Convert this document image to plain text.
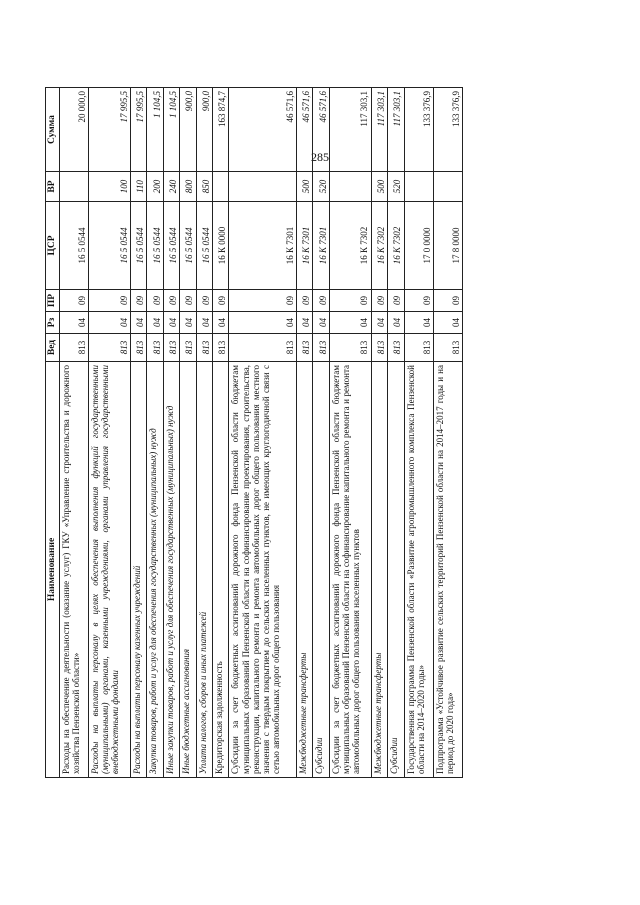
285
Наименование	Вед	Рз	ПР	ЦСР	ВР	Сумма
Расходы на обеспечение деятельности (оказание услуг) ГКУ «Управление строительства и дорожного хозяйства Пензенской области»	813	04	09	16 5 0544		20 000,0
Расходы на выплаты персоналу в целях обеспечения выполнения функций государственными (муниципальными) органами, казенными учреждениями, органами управления государственными внебюджетными фондами	813	04	09	16 5 0544	100	17 995,5
Расходы на выплаты персоналу казенных учреждений	813	04	09	16 5 0544	110	17 995,5
Закупка товаров, работ и услуг для обеспечения государственных (муниципальных) нужд	813	04	09	16 5 0544	200	1 104,5
Иные закупки товаров, работ и услуг для обеспечения государственных (муниципальных) нужд	813	04	09	16 5 0544	240	1 104,5
Иные бюджетные ассигнования	813	04	09	16 5 0544	800	900,0
Уплата налогов, сборов и иных платежей	813	04	09	16 5 0544	850	900,0
Кредиторская задолженность	813	04	09	16 К 0000		163 874,7
Субсидии за счет бюджетных ассигнований дорожного фонда Пензенской области бюджетам муниципальных образований Пензенской области на софинансирование проектирования, строительства, реконструкции, капитального ремонта и ремонта автомобильных дорог общего пользования местного значения с твердым покрытием до сельских населенных пунктов, не имеющих круглогодичной связи с сетью автомобильных дорог общего пользования	813	04	09	16 К 7301		46 571,6
Межбюджетные трансферты	813	04	09	16 К 7301	500	46 571,6
Субсидии	813	04	09	16 К 7301	520	46 571,6
Субсидии за счет бюджетных ассигнований дорожного фонда Пензенской области бюджетам муниципальных образований Пензенской области на софинансирование капитального ремонта и ремонта автомобильных дорог общего пользования населенных пунктов	813	04	09	16 К 7302		117 303,1
Межбюджетные трансферты	813	04	09	16 К 7302	500	117 303,1
Субсидии	813	04	09	16 К 7302	520	117 303,1
Государственная программа Пензенской области «Развитие агропромышленного комплекса Пензенской области на 2014–2020 годы»	813	04	09	17 0 0000		133 376,9
Подпрограмма «Устойчивое развитие сельских территорий Пензенской области на 2014–2017 годы и на период до 2020 года»	813	04	09	17 8 0000		133 376,9
